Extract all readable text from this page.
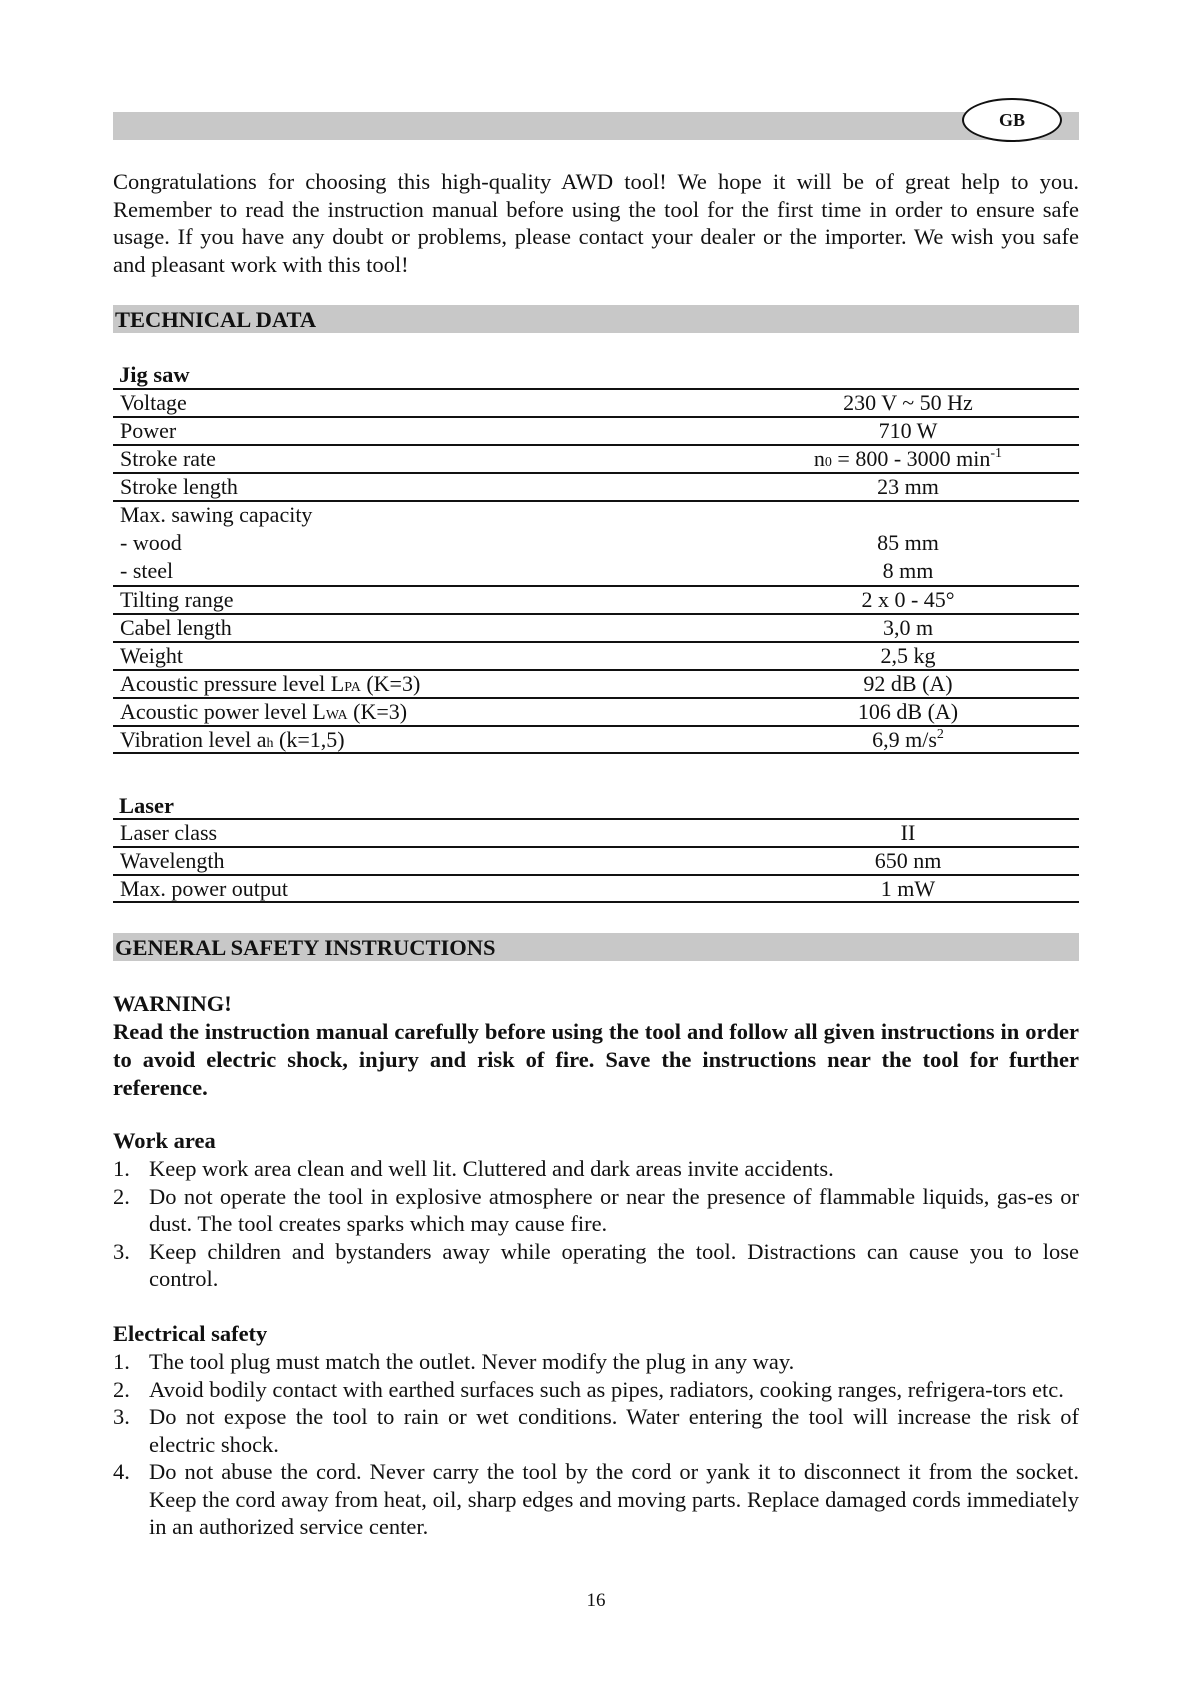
GB
Congratulations for choosing this high-quality AWD tool! We hope it will be of great help to you. Remember to read the instruction manual before using the tool for the first time in order to ensure safe usage. If you have any doubt or problems, please contact your dealer or the importer. We wish you safe and pleasant work with this tool!
TECHNICAL DATA
Jig saw
Voltage	230 V ~ 50 Hz
Power	710 W
Stroke rate	n0 = 800 - 3000 $\min^{-1}$
Stroke length	23 mm
Max. sawing capacity
- wood	85 mm
- steel	8 mm
Tilting range	2 x 0 - 45°
Cabel length	3,0 m
Weight	2,5 kg
Acoustic pressure level LPA (K=3)	92 dB (A)
Acoustic power level LWA (K=3)	106 dB (A)
Vibration level ah (k=1,5)	6,9 $m/s^2$
Laser
Laser class	II
Wavelength	650 nm
Max. power output	1 mW
GENERAL SAFETY INSTRUCTIONS
WARNING!
Read the instruction manual carefully before using the tool and follow all given instructions in order to avoid electric shock, injury and risk of fire. Save the instructions near the tool for further reference.
Work area
1. Keep work area clean and well lit. Cluttered and dark areas invite accidents.
2. Do not operate the tool in explosive atmosphere or near the presence of flammable liquids, gas-es or dust. The tool creates sparks which may cause fire.
3. Keep children and bystanders away while operating the tool. Distractions can cause you to lose control.
Electrical safety
1. The tool plug must match the outlet. Never modify the plug in any way.
2. Avoid bodily contact with earthed surfaces such as pipes, radiators, cooking ranges, refrigera-tors etc.
3. Do not expose the tool to rain or wet conditions. Water entering the tool will increase the risk of electric shock.
4. Do not abuse the cord. Never carry the tool by the cord or yank it to disconnect it from the socket. Keep the cord away from heat, oil, sharp edges and moving parts. Replace damaged cords immediately in an authorized service center.
16
